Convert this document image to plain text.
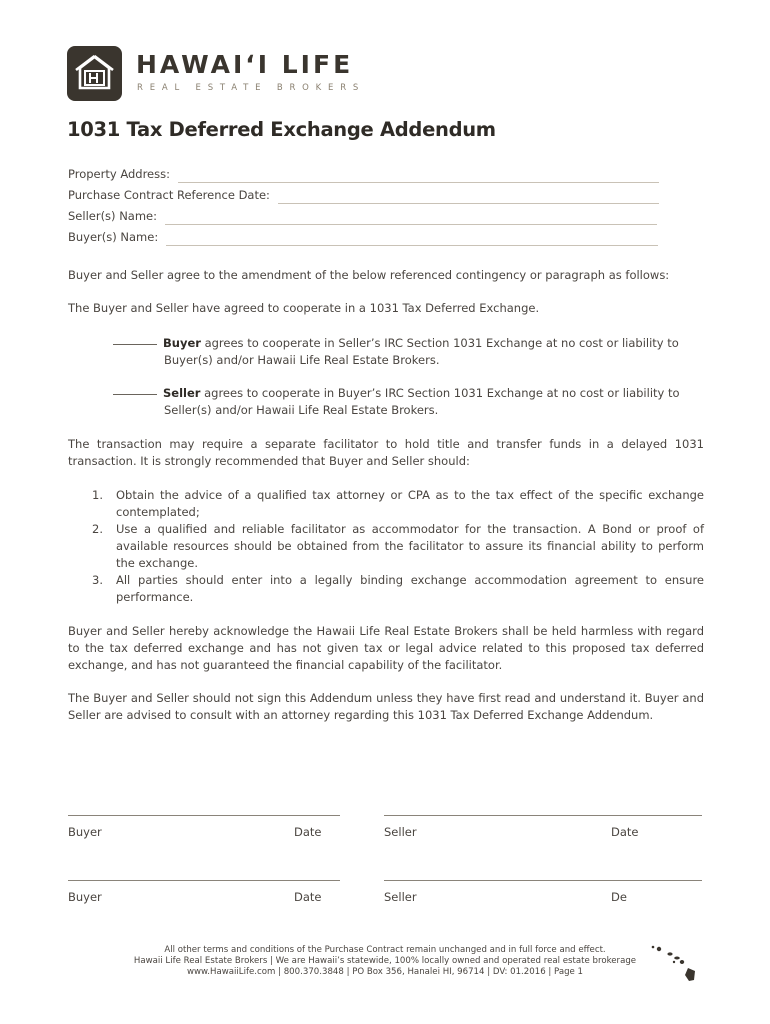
HAWAIʻI LIFE
REAL ESTATE BROKERS
1031 Tax Deferred Exchange Addendum
Property Address:
Purchase Contract Reference Date:
Seller(s) Name:
Buyer(s) Name:
Buyer and Seller agree to the amendment of the below referenced contingency or paragraph as follows:
The Buyer and Seller have agreed to cooperate in a 1031 Tax Deferred Exchange.
Buyer agrees to cooperate in Seller’s IRC Section 1031 Exchange at no cost or liability to
Buyer(s) and/or Hawaii Life Real Estate Brokers.
Seller agrees to cooperate in Buyer’s IRC Section 1031 Exchange at no cost or liability to
Seller(s) and/or Hawaii Life Real Estate Brokers.
The transaction may require a separate facilitator to hold title and transfer funds in a delayed 1031 transaction. It is strongly recommended that Buyer and Seller should:
1.	Obtain the advice of a qualified tax attorney or CPA as to the tax effect of the specific exchange contemplated;
2.	Use a qualified and reliable facilitator as accommodator for the transaction. A Bond or proof of available resources should be obtained from the facilitator to assure its financial ability to perform the exchange.
3.	All parties should enter into a legally binding exchange accommodation agreement to ensure performance.
Buyer and Seller hereby acknowledge the Hawaii Life Real Estate Brokers shall be held harmless with regard to the tax deferred exchange and has not given tax or legal advice related to this proposed tax deferred exchange, and has not guaranteed the financial capability of the facilitator.
The Buyer and Seller should not sign this Addendum unless they have first read and understand it. Buyer and Seller are advised to consult with an attorney regarding this 1031 Tax Deferred Exchange Addendum.
Buyer	Date	Seller	Date
Buyer	Date	Seller	De
All other terms and conditions of the Purchase Contract remain unchanged and in full force and effect.
Hawaii Life Real Estate Brokers | We are Hawaii’s statewide, 100% locally owned and operated real estate brokerage
www.HawaiiLife.com | 800.370.3848 | PO Box 356, Hanalei HI, 96714 | DV: 01.2016 | Page 1
